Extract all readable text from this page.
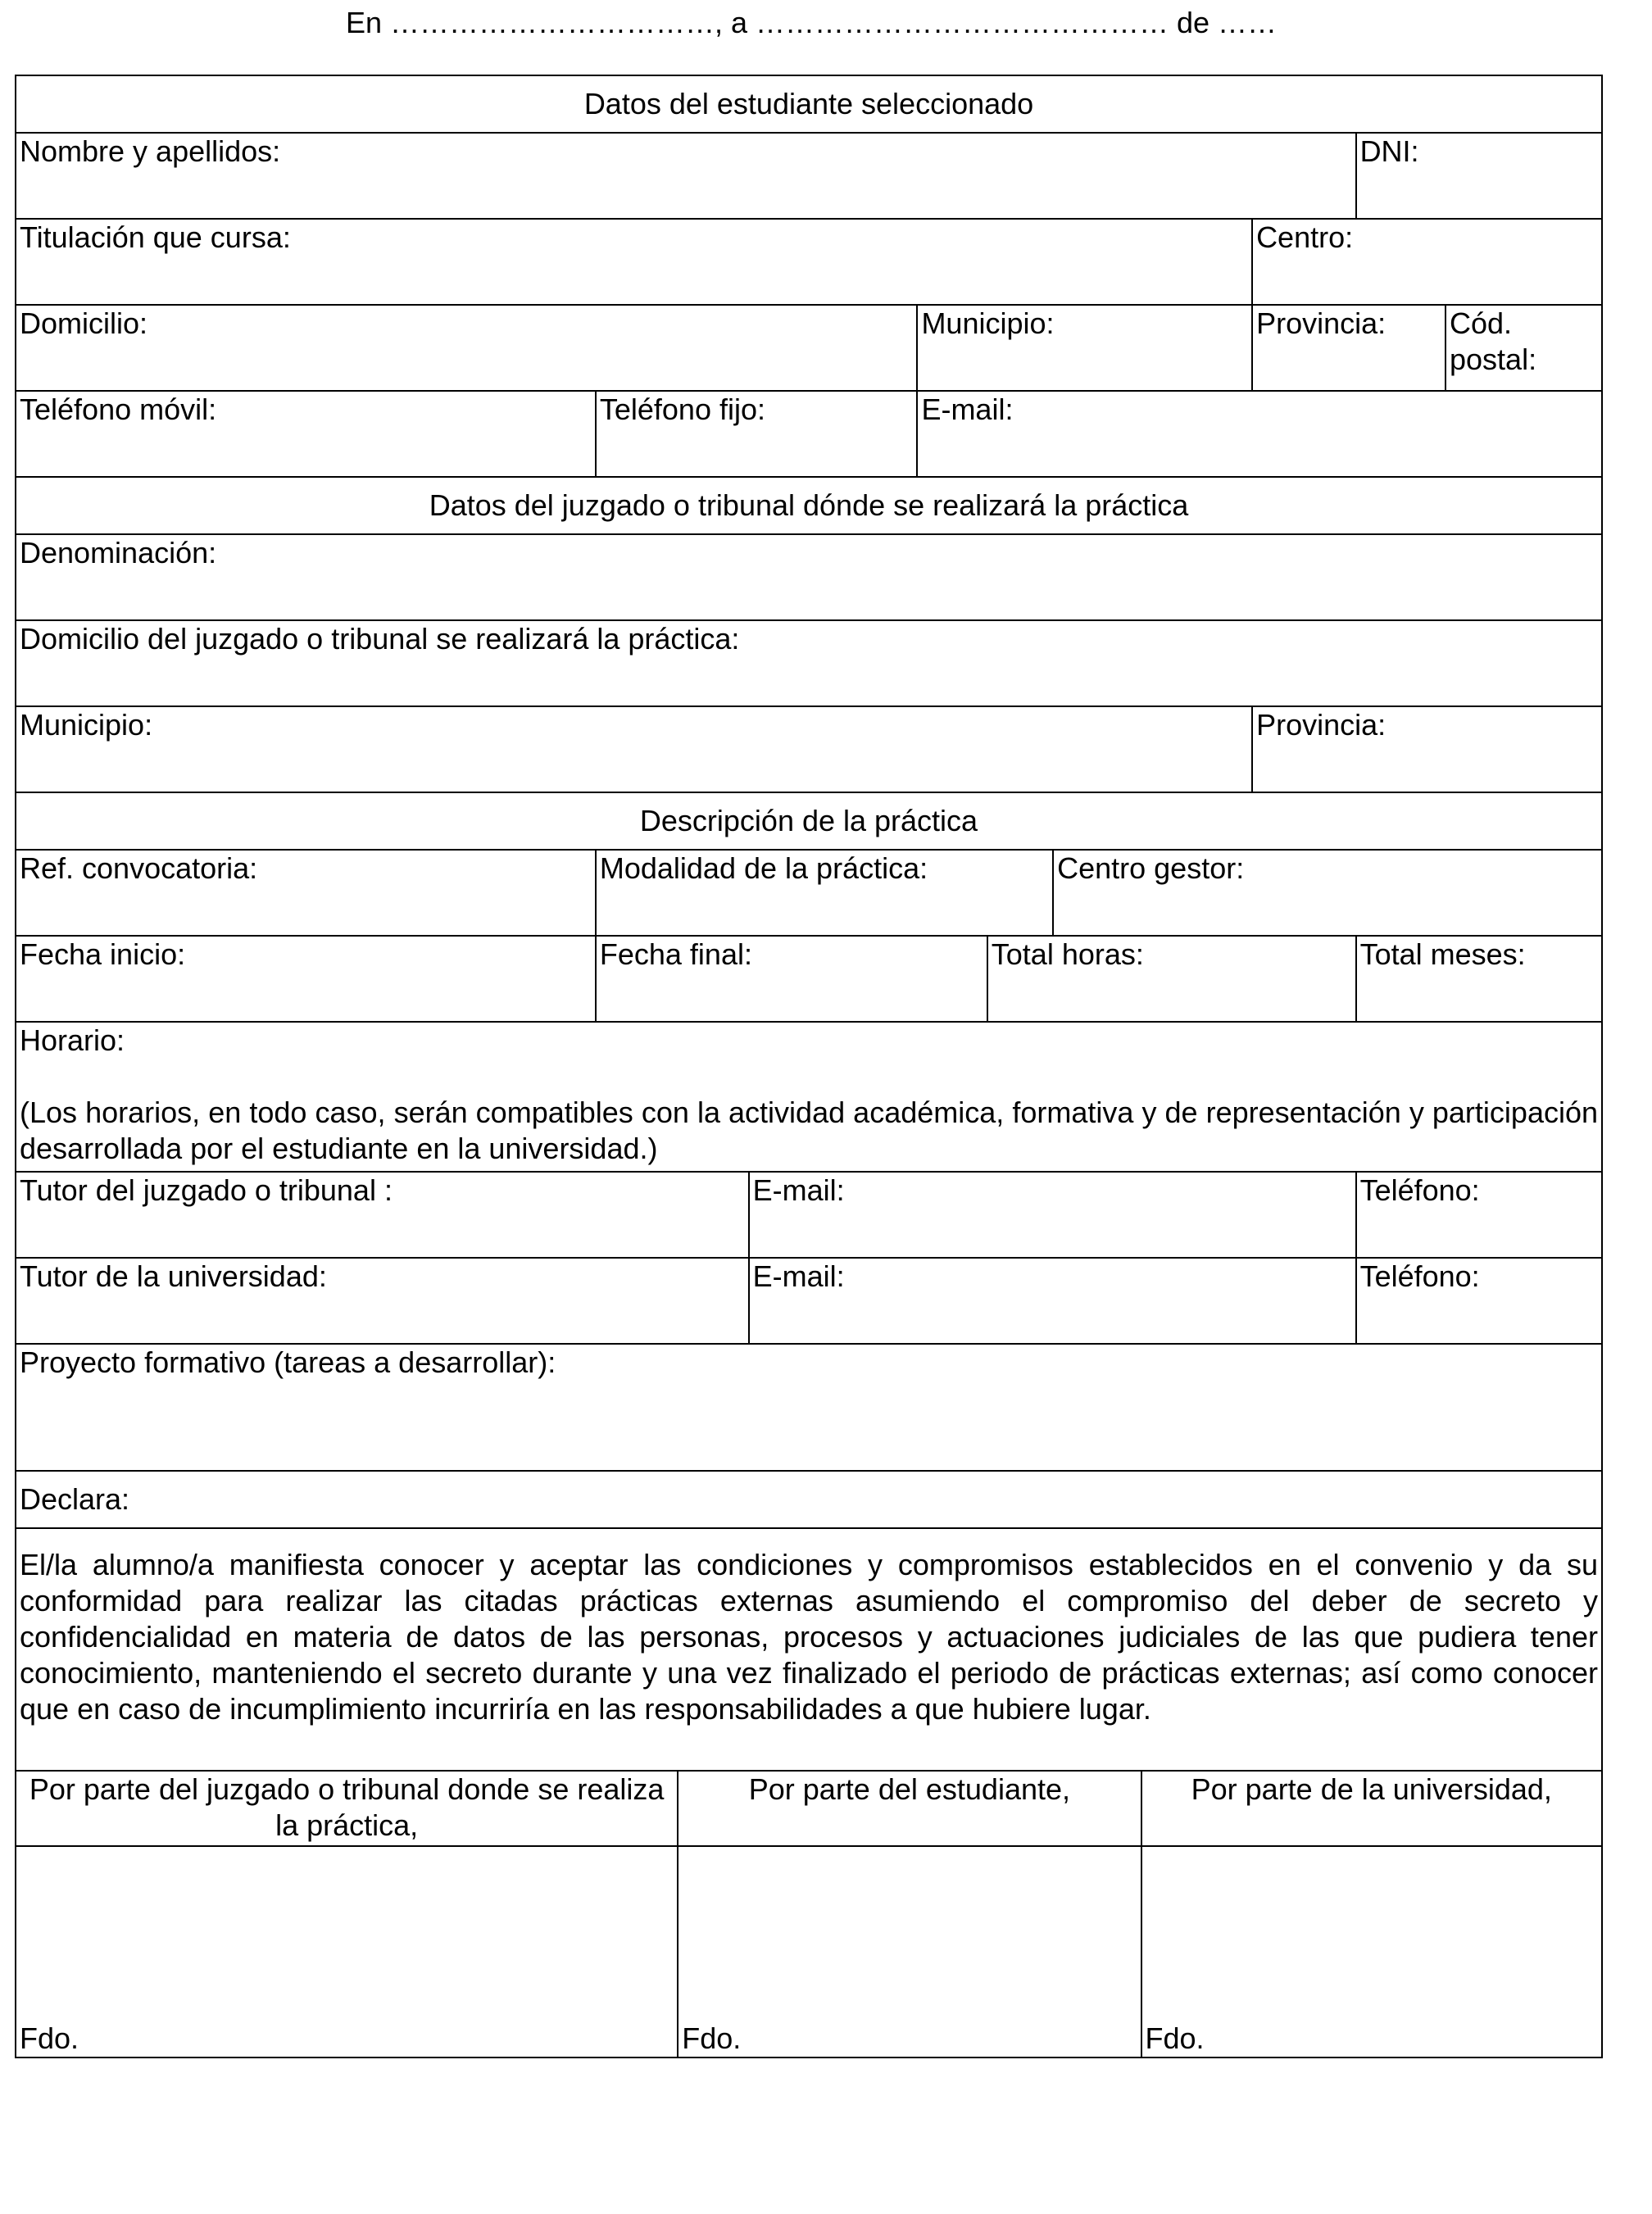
En ……………………………, a …………………………………… de ……
Datos del estudiante seleccionado										
Nombre y apellidos:									DNI:	
Titulación que cursa:								Centro:		
Domicilio:				Municipio:				Provincia:		Cód. postal:
Teléfono móvil:	Teléfono fijo:			E-mail:						
Datos del juzgado o tribunal dónde se realizará la práctica										
Denominación:										
Domicilio del juzgado o tribunal se realizará la práctica:										
Municipio:								Provincia:		
Descripción de la práctica										
Ref. convocatoria:	Modalidad de la práctica:					Centro gestor:				
Fecha inicio:	Fecha final:				Total horas:				Total meses:	
Horario:
(Los horarios, en todo caso, serán compatibles con la actividad académica, formativa y de representación y participación desarrollada por el estudiante en la universidad.)										

Tutor del juzgado o tribunal :			E-mail:						Teléfono:	
Tutor de la universidad:			E-mail:						Teléfono:	
Proyecto formativo (tareas a desarrollar):										
Declara:										
El/la alumno/a manifiesta conocer y aceptar las condiciones y compromisos establecidos en el convenio y da su conformidad para realizar las citadas prácticas externas asumiendo el compromiso del deber de secreto y confidencialidad en materia de datos de las personas, procesos y actuaciones judiciales de las que pudiera tener conocimiento, manteniendo el secreto durante y una vez finalizado el periodo de prácticas externas; así como conocer que en caso de incumplimiento incurriría en las responsabilidades a que hubiere lugar.										
Por parte del juzgado o tribunal donde se realiza la práctica,		Por parte del estudiante,					Por parte de la universidad,			
Fdo.		Fdo.					Fdo.			
